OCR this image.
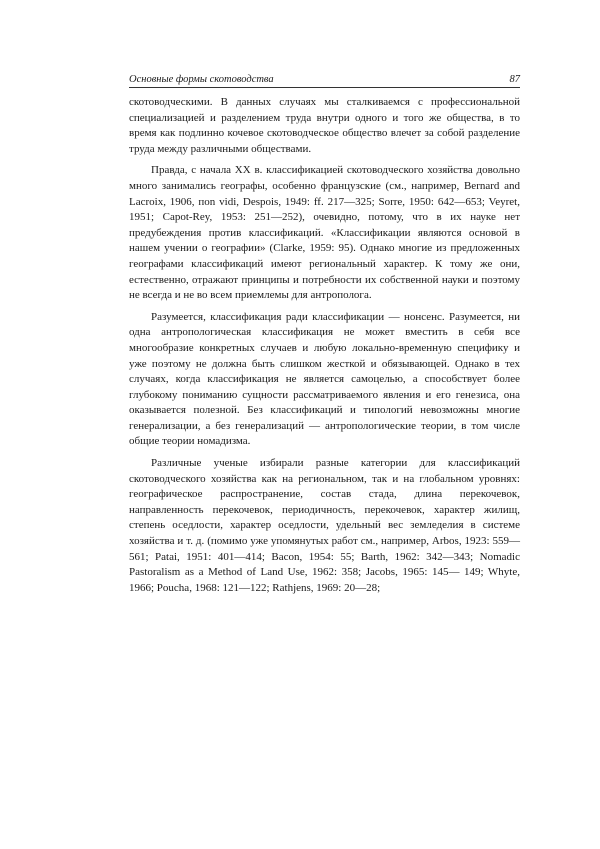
Основные формы скотоводства	87

скотоводческими. В данных случаях мы сталкиваемся с профессиональной специализацией и разделением труда внутри одного и того же общества, в то время как подлинно кочевое скотоводческое общество влечет за собой разделение труда между различными обществами.

Правда, с начала XX в. классификацией скотоводческого хозяйства довольно много занимались географы, особенно французские (см., например, Bernard and Lacroix, 1906, пon vidi, Despois, 1949: ff. 217—325; Sorre, 1950: 642—653; Veyret, 1951; Capot-Rey, 1953: 251—252), очевидно, потому, что в их науке нет предубеждения против классификаций. «Классификации являются основой в нашем учении о географии» (Clarke, 1959: 95). Однако многие из предложенных географами классификаций имеют региональный характер. К тому же они, естественно, отражают принципы и потребности их собственной науки и поэтому не всегда и не во всем приемлемы для антрополога.

Разумеется, классификация ради классификации — нонсенс. Разумеется, ни одна антропологическая классификация не может вместить в себя все многообразие конкретных случаев и любую локально-временную специфику и уже поэтому не должна быть слишком жесткой и обязывающей. Однако в тех случаях, когда классификация не является самоцелью, а способствует более глубокому пониманию сущности рассматриваемого явления и его генезиса, она оказывается полезной. Без классификаций и типологий невозможны многие генерализации, а без генерализаций — антропологические теории, в том числе общие теории номадизма.

Различные ученые избирали разные категории для классификаций скотоводческого хозяйства как на региональном, так и на глобальном уровнях: географическое распространение, состав стада, длина перекочевок, направленность перекочевок, периодичность, перекочевок, характер жилищ, степень оседлости, характер оседлости, удельный вес земледелия в системе хозяйства и т. д. (помимо уже упомянутых работ см., например, Arbos, 1923: 559—561; Patai, 1951: 401—414; Bacon, 1954: 55; Barth, 1962: 342—343; Nomadic Pastoralism as a Method of Land Use, 1962: 358; Jacobs, 1965: 145— 149; Whyte, 1966; Poucha, 1968: 121—122; Rathjens, 1969: 20—28;
